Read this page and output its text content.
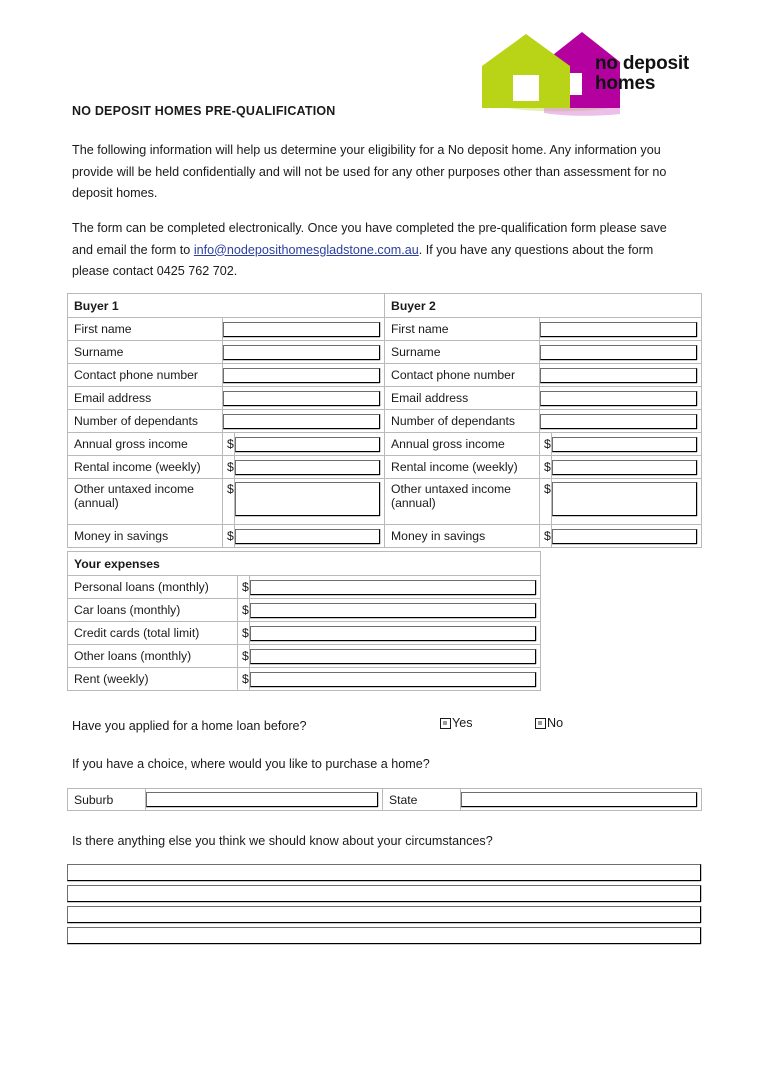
no deposit
homes
NO DEPOSIT HOMES PRE-QUALIFICATION
The following information will help us determine your eligibility for a No deposit home. Any information you provide will be held confidentially and will not be used for any other purposes other than assessment for no deposit homes.
The form can be completed electronically. Once you have completed the pre-qualification form please save and email the form to info@nodeposithomesgladstone.com.au. If you have any questions about the form please contact 0425 762 702.
Buyer 1			Buyer 2		
First name			First name		

Surname			Surname		

Contact phone number			Contact phone number		

Email address			Email address		

Number of dependants			Number of dependants		

Annual gross income	$		Annual gross income	$	

Rental income (weekly)	$		Rental income (weekly)	$	

Other untaxed income (annual)	$		Other untaxed income (annual)	$	

Money in savings	$		Money in savings	$	
Your expenses		
Personal loans (monthly)	$	

Car loans (monthly)	$	

Credit cards (total limit)	$	

Other loans (monthly)	$	

Rent (weekly)	$	
Have you applied for a home loan before?	Yes	No
If you have a choice, where would you like to purchase a home?
Suburb		State	
Is there anything else you think we should know about your circumstances?
